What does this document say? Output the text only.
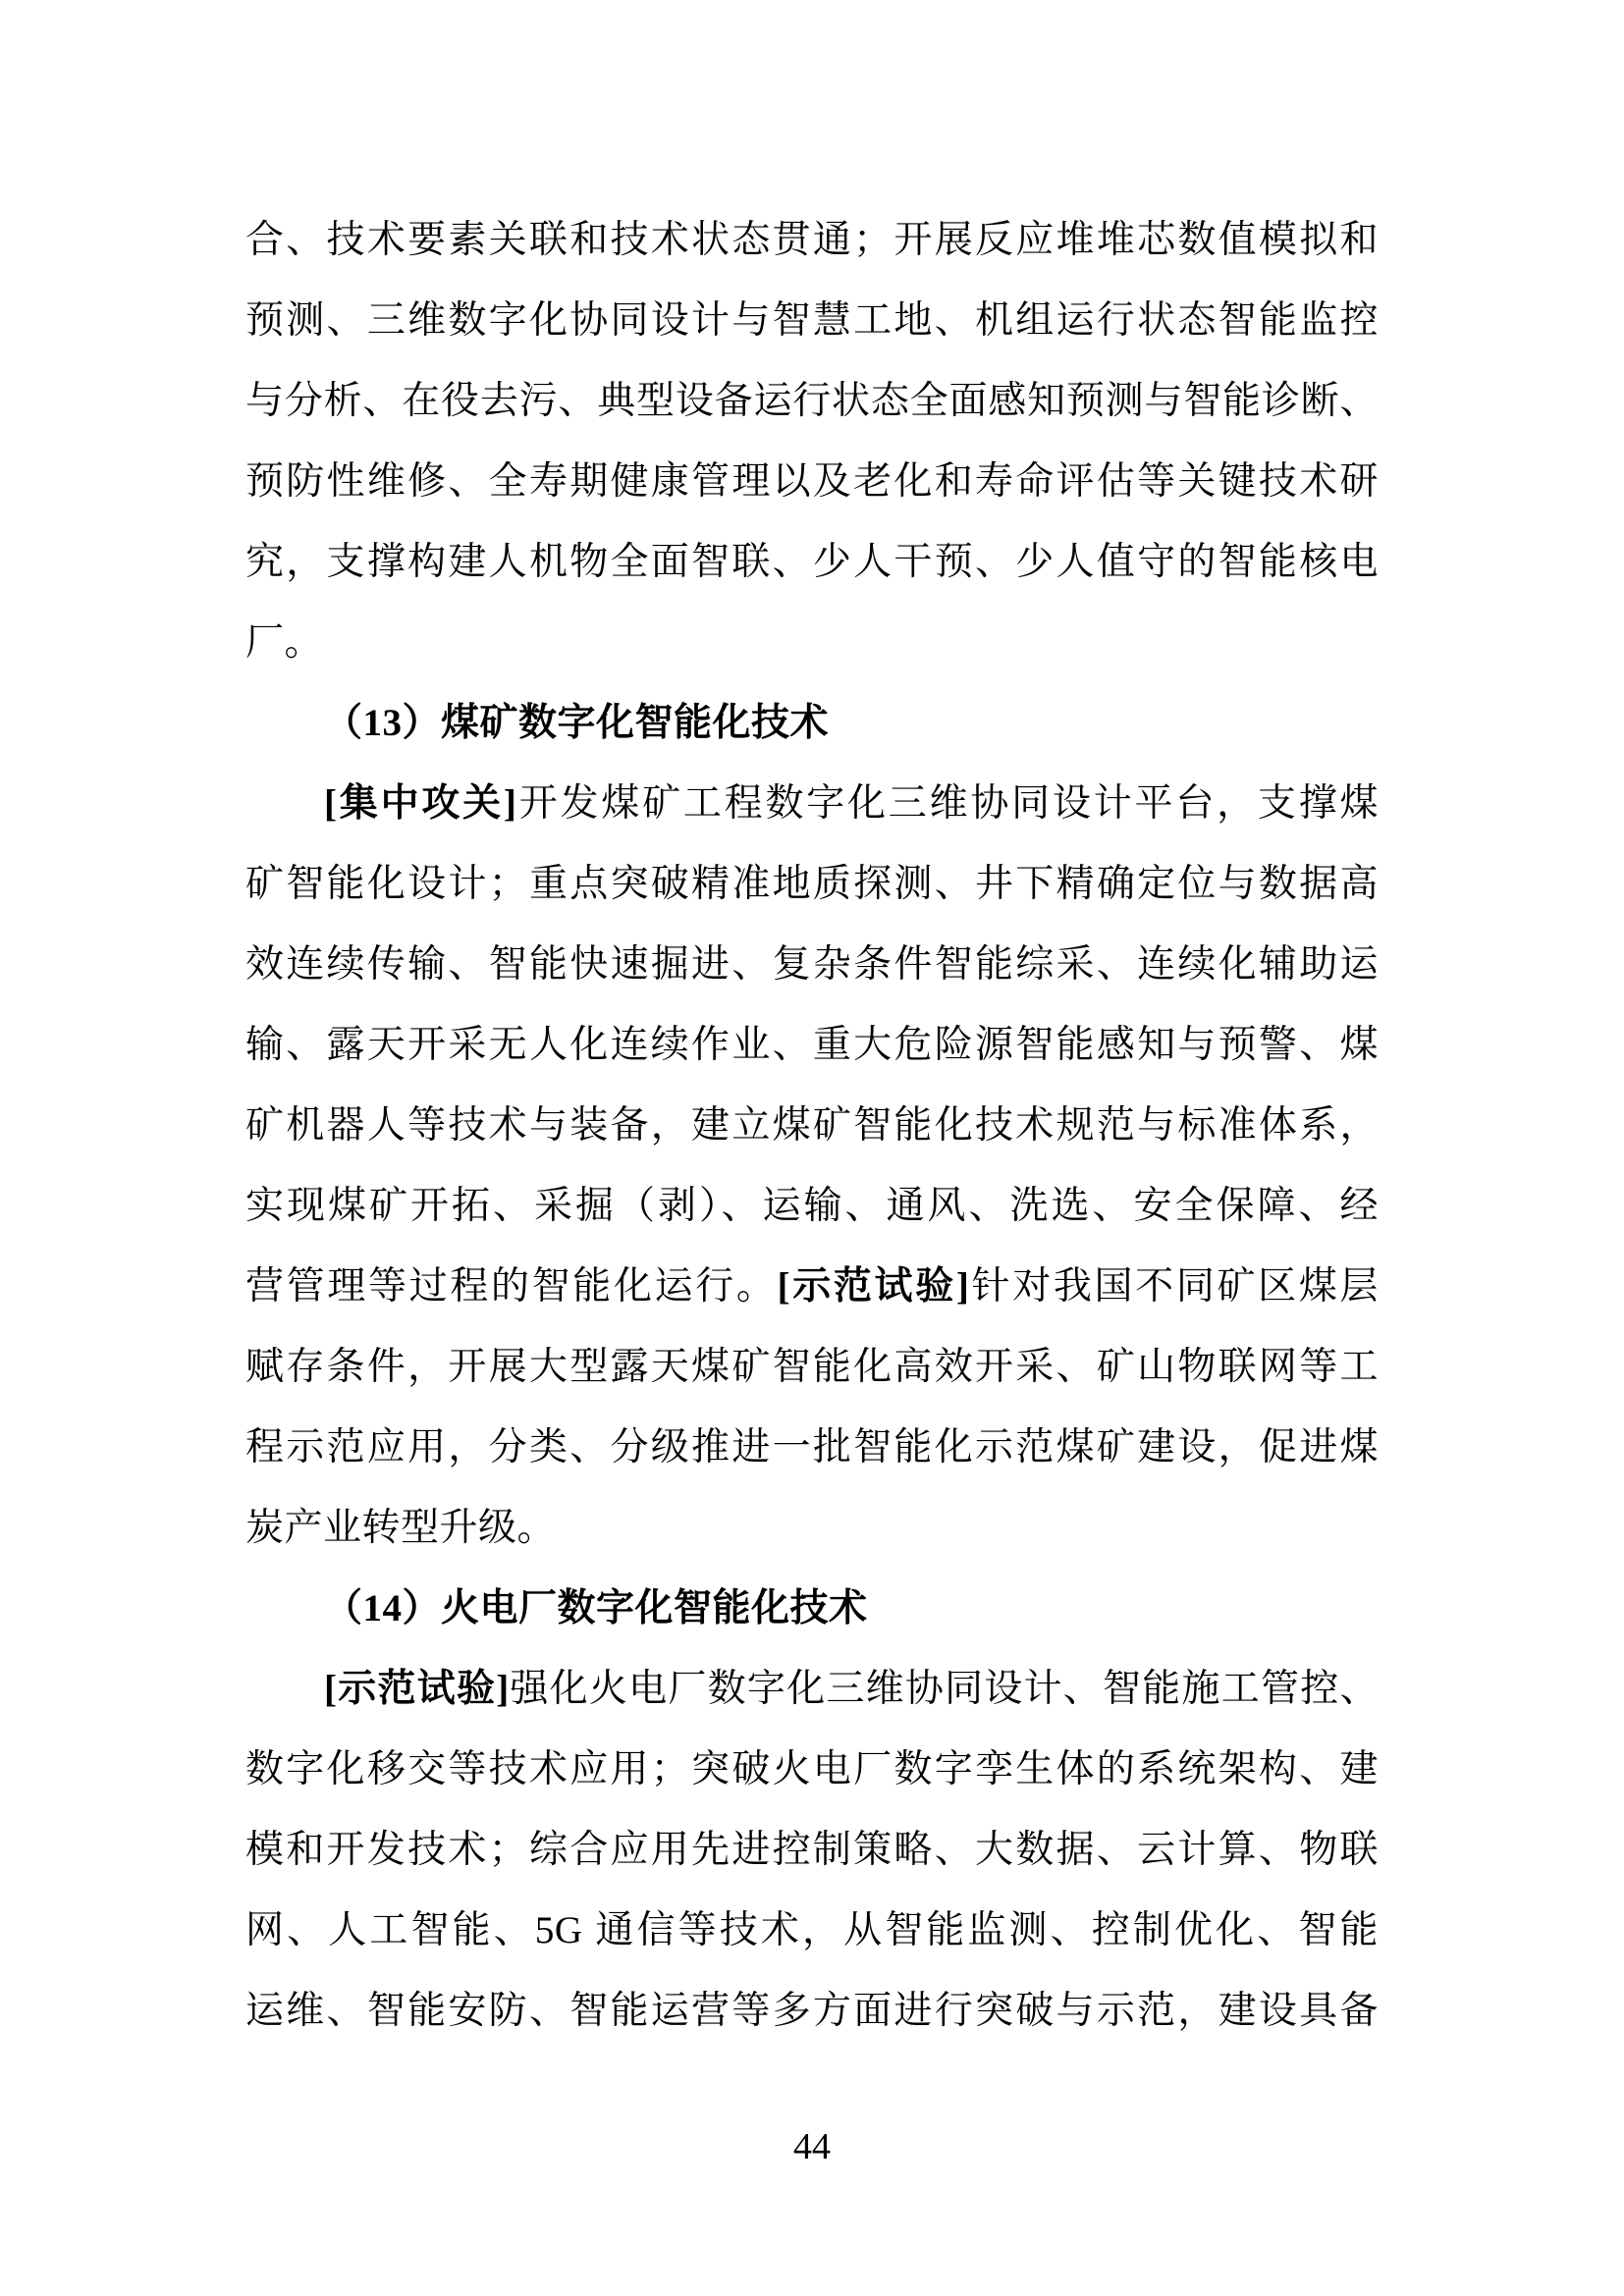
合、技术要素关联和技术状态贯通；开展反应堆堆芯数值模拟和
预测、三维数字化协同设计与智慧工地、机组运行状态智能监控
与分析、在役去污、典型设备运行状态全面感知预测与智能诊断、
预防性维修、全寿期健康管理以及老化和寿命评估等关键技术研
究，支撑构建人机物全面智联、少人干预、少人值守的智能核电
厂。
（13）煤矿数字化智能化技术
[集中攻关]开发煤矿工程数字化三维协同设计平台，支撑煤
矿智能化设计；重点突破精准地质探测、井下精确定位与数据高
效连续传输、智能快速掘进、复杂条件智能综采、连续化辅助运
输、露天开采无人化连续作业、重大危险源智能感知与预警、煤
矿机器人等技术与装备，建立煤矿智能化技术规范与标准体系，
实现煤矿开拓、采掘（剥）、运输、通风、洗选、安全保障、经
营管理等过程的智能化运行。[示范试验]针对我国不同矿区煤层
赋存条件，开展大型露天煤矿智能化高效开采、矿山物联网等工
程示范应用，分类、分级推进一批智能化示范煤矿建设，促进煤
炭产业转型升级。
（14）火电厂数字化智能化技术
[示范试验]强化火电厂数字化三维协同设计、智能施工管控、
数字化移交等技术应用；突破火电厂数字孪生体的系统架构、建
模和开发技术；综合应用先进控制策略、大数据、云计算、物联
网、人工智能、5G 通信等技术，从智能监测、控制优化、智能
运维、智能安防、智能运营等多方面进行突破与示范，建设具备
44
